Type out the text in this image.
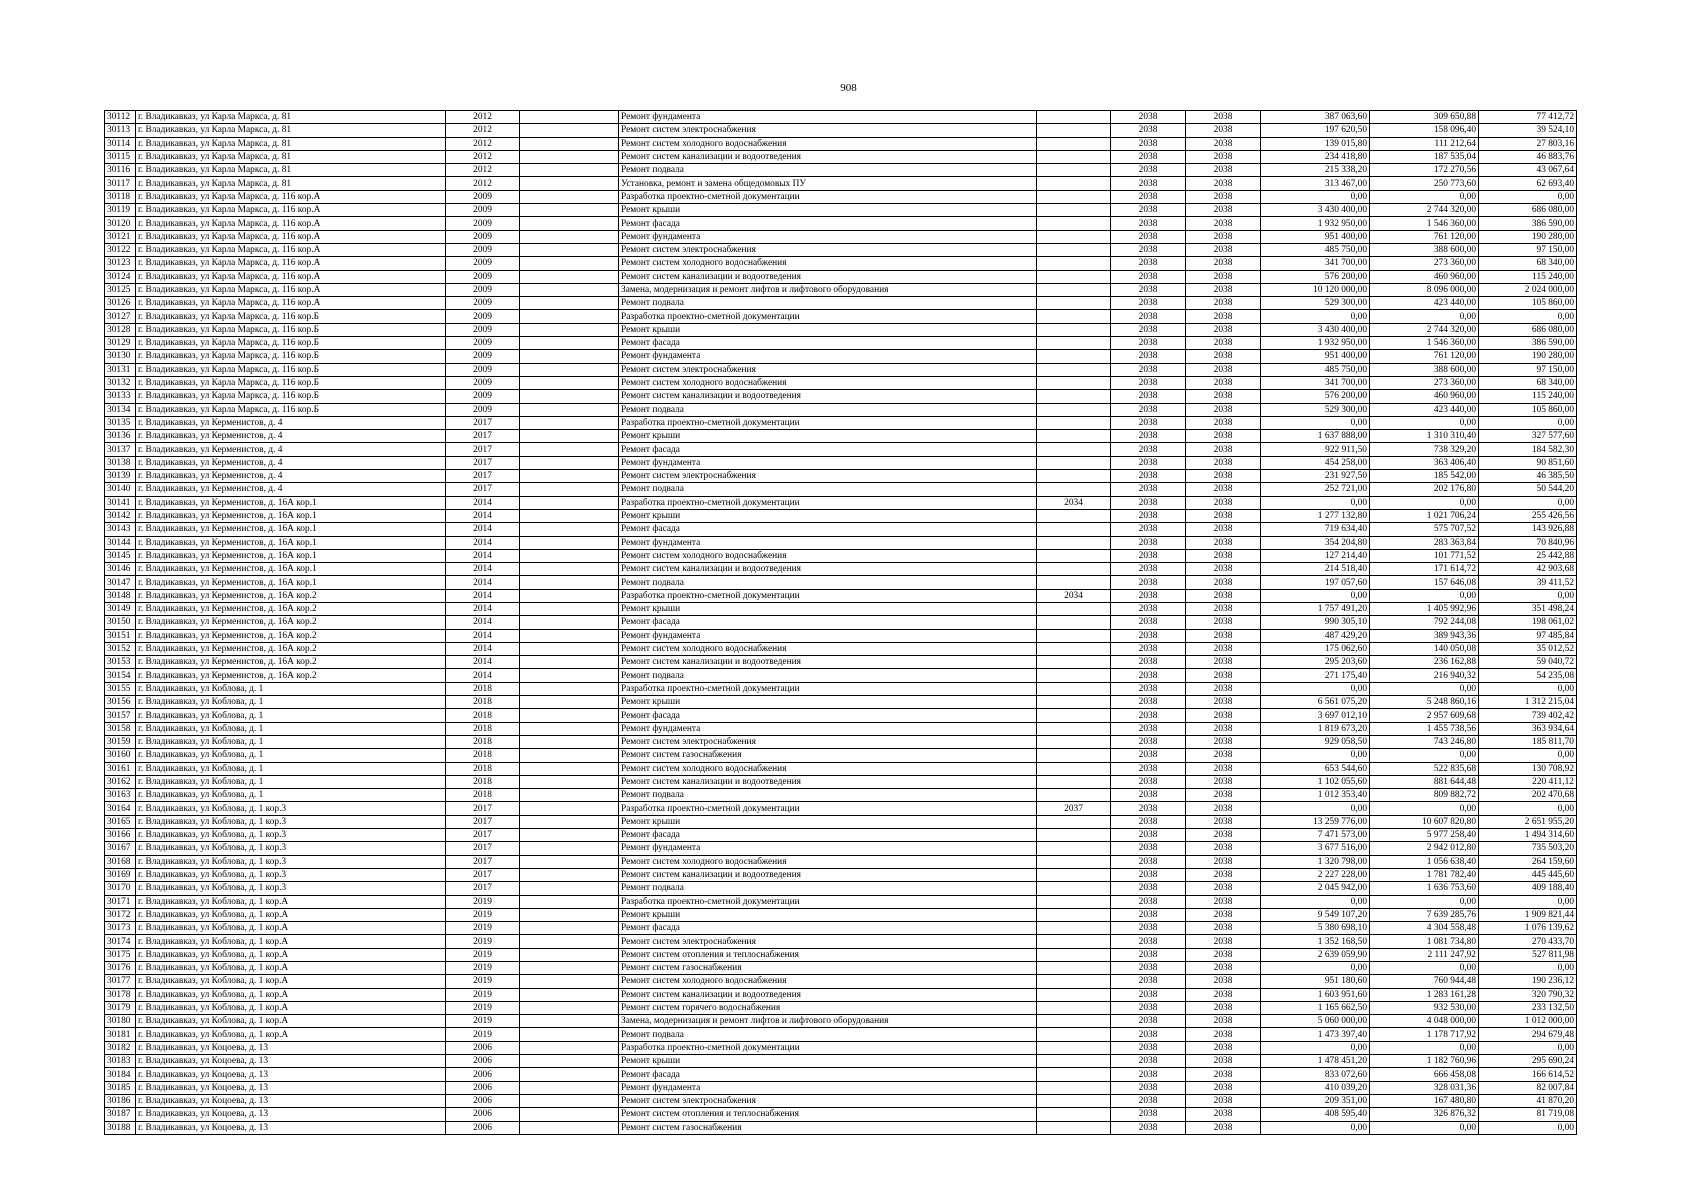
908
30112	г. Владикавказ, ул Карла Маркса, д. 81	2012		Ремонт фундамента		2038	2038	387 063,60	309 650,88	77 412,72
30113	г. Владикавказ, ул Карла Маркса, д. 81	2012		Ремонт систем электроснабжения		2038	2038	197 620,50	158 096,40	39 524,10
30114	г. Владикавказ, ул Карла Маркса, д. 81	2012		Ремонт систем холодного водоснабжения		2038	2038	139 015,80	111 212,64	27 803,16
30115	г. Владикавказ, ул Карла Маркса, д. 81	2012		Ремонт систем канализации и водоотведения		2038	2038	234 418,80	187 535,04	46 883,76
30116	г. Владикавказ, ул Карла Маркса, д. 81	2012		Ремонт подвала		2038	2038	215 338,20	172 270,56	43 067,64
30117	г. Владикавказ, ул Карла Маркса, д. 81	2012		Установка, ремонт и замена общедомовых ПУ		2038	2038	313 467,00	250 773,60	62 693,40
30118	г. Владикавказ, ул Карла Маркса, д. 116 кор.А	2009		Разработка проектно-сметной документации		2038	2038	0,00	0,00	0,00
30119	г. Владикавказ, ул Карла Маркса, д. 116 кор.А	2009		Ремонт крыши		2038	2038	3 430 400,00	2 744 320,00	686 080,00
30120	г. Владикавказ, ул Карла Маркса, д. 116 кор.А	2009		Ремонт фасада		2038	2038	1 932 950,00	1 546 360,00	386 590,00
30121	г. Владикавказ, ул Карла Маркса, д. 116 кор.А	2009		Ремонт фундамента		2038	2038	951 400,00	761 120,00	190 280,00
30122	г. Владикавказ, ул Карла Маркса, д. 116 кор.А	2009		Ремонт систем электроснабжения		2038	2038	485 750,00	388 600,00	97 150,00
30123	г. Владикавказ, ул Карла Маркса, д. 116 кор.А	2009		Ремонт систем холодного водоснабжения		2038	2038	341 700,00	273 360,00	68 340,00
30124	г. Владикавказ, ул Карла Маркса, д. 116 кор.А	2009		Ремонт систем канализации и водоотведения		2038	2038	576 200,00	460 960,00	115 240,00
30125	г. Владикавказ, ул Карла Маркса, д. 116 кор.А	2009		Замена, модернизация и ремонт лифтов и лифтового оборудования		2038	2038	10 120 000,00	8 096 000,00	2 024 000,00
30126	г. Владикавказ, ул Карла Маркса, д. 116 кор.А	2009		Ремонт подвала		2038	2038	529 300,00	423 440,00	105 860,00
30127	г. Владикавказ, ул Карла Маркса, д. 116 кор.Б	2009		Разработка проектно-сметной документации		2038	2038	0,00	0,00	0,00
30128	г. Владикавказ, ул Карла Маркса, д. 116 кор.Б	2009		Ремонт крыши		2038	2038	3 430 400,00	2 744 320,00	686 080,00
30129	г. Владикавказ, ул Карла Маркса, д. 116 кор.Б	2009		Ремонт фасада		2038	2038	1 932 950,00	1 546 360,00	386 590,00
30130	г. Владикавказ, ул Карла Маркса, д. 116 кор.Б	2009		Ремонт фундамента		2038	2038	951 400,00	761 120,00	190 280,00
30131	г. Владикавказ, ул Карла Маркса, д. 116 кор.Б	2009		Ремонт систем электроснабжения		2038	2038	485 750,00	388 600,00	97 150,00
30132	г. Владикавказ, ул Карла Маркса, д. 116 кор.Б	2009		Ремонт систем холодного водоснабжения		2038	2038	341 700,00	273 360,00	68 340,00
30133	г. Владикавказ, ул Карла Маркса, д. 116 кор.Б	2009		Ремонт систем канализации и водоотведения		2038	2038	576 200,00	460 960,00	115 240,00
30134	г. Владикавказ, ул Карла Маркса, д. 116 кор.Б	2009		Ремонт подвала		2038	2038	529 300,00	423 440,00	105 860,00
30135	г. Владикавказ, ул Керменистов, д. 4	2017		Разработка проектно-сметной документации		2038	2038	0,00	0,00	0,00
30136	г. Владикавказ, ул Керменистов, д. 4	2017		Ремонт крыши		2038	2038	1 637 888,00	1 310 310,40	327 577,60
30137	г. Владикавказ, ул Керменистов, д. 4	2017		Ремонт фасада		2038	2038	922 911,50	738 329,20	184 582,30
30138	г. Владикавказ, ул Керменистов, д. 4	2017		Ремонт фундамента		2038	2038	454 258,00	363 406,40	90 851,60
30139	г. Владикавказ, ул Керменистов, д. 4	2017		Ремонт систем электроснабжения		2038	2038	231 927,50	185 542,00	46 385,50
30140	г. Владикавказ, ул Керменистов, д. 4	2017		Ремонт подвала		2038	2038	252 721,00	202 176,80	50 544,20
30141	г. Владикавказ, ул Керменистов, д. 16А кор.1	2014		Разработка проектно-сметной документации	2034	2038	2038	0,00	0,00	0,00
30142	г. Владикавказ, ул Керменистов, д. 16А кор.1	2014		Ремонт крыши		2038	2038	1 277 132,80	1 021 706,24	255 426,56
30143	г. Владикавказ, ул Керменистов, д. 16А кор.1	2014		Ремонт фасада		2038	2038	719 634,40	575 707,52	143 926,88
30144	г. Владикавказ, ул Керменистов, д. 16А кор.1	2014		Ремонт фундамента		2038	2038	354 204,80	283 363,84	70 840,96
30145	г. Владикавказ, ул Керменистов, д. 16А кор.1	2014		Ремонт систем холодного водоснабжения		2038	2038	127 214,40	101 771,52	25 442,88
30146	г. Владикавказ, ул Керменистов, д. 16А кор.1	2014		Ремонт систем канализации и водоотведения		2038	2038	214 518,40	171 614,72	42 903,68
30147	г. Владикавказ, ул Керменистов, д. 16А кор.1	2014		Ремонт подвала		2038	2038	197 057,60	157 646,08	39 411,52
30148	г. Владикавказ, ул Керменистов, д. 16А кор.2	2014		Разработка проектно-сметной документации	2034	2038	2038	0,00	0,00	0,00
30149	г. Владикавказ, ул Керменистов, д. 16А кор.2	2014		Ремонт крыши		2038	2038	1 757 491,20	1 405 992,96	351 498,24
30150	г. Владикавказ, ул Керменистов, д. 16А кор.2	2014		Ремонт фасада		2038	2038	990 305,10	792 244,08	198 061,02
30151	г. Владикавказ, ул Керменистов, д. 16А кор.2	2014		Ремонт фундамента		2038	2038	487 429,20	389 943,36	97 485,84
30152	г. Владикавказ, ул Керменистов, д. 16А кор.2	2014		Ремонт систем холодного водоснабжения		2038	2038	175 062,60	140 050,08	35 012,52
30153	г. Владикавказ, ул Керменистов, д. 16А кор.2	2014		Ремонт систем канализации и водоотведения		2038	2038	295 203,60	236 162,88	59 040,72
30154	г. Владикавказ, ул Керменистов, д. 16А кор.2	2014		Ремонт подвала		2038	2038	271 175,40	216 940,32	54 235,08
30155	г. Владикавказ, ул Коблова, д. 1	2018		Разработка проектно-сметной документации		2038	2038	0,00	0,00	0,00
30156	г. Владикавказ, ул Коблова, д. 1	2018		Ремонт крыши		2038	2038	6 561 075,20	5 248 860,16	1 312 215,04
30157	г. Владикавказ, ул Коблова, д. 1	2018		Ремонт фасада		2038	2038	3 697 012,10	2 957 609,68	739 402,42
30158	г. Владикавказ, ул Коблова, д. 1	2018		Ремонт фундамента		2038	2038	1 819 673,20	1 455 738,56	363 934,64
30159	г. Владикавказ, ул Коблова, д. 1	2018		Ремонт систем электроснабжения		2038	2038	929 058,50	743 246,80	185 811,70
30160	г. Владикавказ, ул Коблова, д. 1	2018		Ремонт систем газоснабжения		2038	2038	0,00	0,00	0,00
30161	г. Владикавказ, ул Коблова, д. 1	2018		Ремонт систем холодного водоснабжения		2038	2038	653 544,60	522 835,68	130 708,92
30162	г. Владикавказ, ул Коблова, д. 1	2018		Ремонт систем канализации и водоотведения		2038	2038	1 102 055,60	881 644,48	220 411,12
30163	г. Владикавказ, ул Коблова, д. 1	2018		Ремонт подвала		2038	2038	1 012 353,40	809 882,72	202 470,68
30164	г. Владикавказ, ул Коблова, д. 1 кор.3	2017		Разработка проектно-сметной документации	2037	2038	2038	0,00	0,00	0,00
30165	г. Владикавказ, ул Коблова, д. 1 кор.3	2017		Ремонт крыши		2038	2038	13 259 776,00	10 607 820,80	2 651 955,20
30166	г. Владикавказ, ул Коблова, д. 1 кор.3	2017		Ремонт фасада		2038	2038	7 471 573,00	5 977 258,40	1 494 314,60
30167	г. Владикавказ, ул Коблова, д. 1 кор.3	2017		Ремонт фундамента		2038	2038	3 677 516,00	2 942 012,80	735 503,20
30168	г. Владикавказ, ул Коблова, д. 1 кор.3	2017		Ремонт систем холодного водоснабжения		2038	2038	1 320 798,00	1 056 638,40	264 159,60
30169	г. Владикавказ, ул Коблова, д. 1 кор.3	2017		Ремонт систем канализации и водоотведения		2038	2038	2 227 228,00	1 781 782,40	445 445,60
30170	г. Владикавказ, ул Коблова, д. 1 кор.3	2017		Ремонт подвала		2038	2038	2 045 942,00	1 636 753,60	409 188,40
30171	г. Владикавказ, ул Коблова, д. 1 кор.А	2019		Разработка проектно-сметной документации		2038	2038	0,00	0,00	0,00
30172	г. Владикавказ, ул Коблова, д. 1 кор.А	2019		Ремонт крыши		2038	2038	9 549 107,20	7 639 285,76	1 909 821,44
30173	г. Владикавказ, ул Коблова, д. 1 кор.А	2019		Ремонт фасада		2038	2038	5 380 698,10	4 304 558,48	1 076 139,62
30174	г. Владикавказ, ул Коблова, д. 1 кор.А	2019		Ремонт систем электроснабжения		2038	2038	1 352 168,50	1 081 734,80	270 433,70
30175	г. Владикавказ, ул Коблова, д. 1 кор.А	2019		Ремонт систем отопления и теплоснабжения		2038	2038	2 639 059,90	2 111 247,92	527 811,98
30176	г. Владикавказ, ул Коблова, д. 1 кор.А	2019		Ремонт систем газоснабжения		2038	2038	0,00	0,00	0,00
30177	г. Владикавказ, ул Коблова, д. 1 кор.А	2019		Ремонт систем холодного водоснабжения		2038	2038	951 180,60	760 944,48	190 236,12
30178	г. Владикавказ, ул Коблова, д. 1 кор.А	2019		Ремонт систем канализации и водоотведения		2038	2038	1 603 951,60	1 283 161,28	320 790,32
30179	г. Владикавказ, ул Коблова, д. 1 кор.А	2019		Ремонт систем горячего водоснабжения		2038	2038	1 165 662,50	932 530,00	233 132,50
30180	г. Владикавказ, ул Коблова, д. 1 кор.А	2019		Замена, модернизация и ремонт лифтов и лифтового оборудования		2038	2038	5 060 000,00	4 048 000,00	1 012 000,00
30181	г. Владикавказ, ул Коблова, д. 1 кор.А	2019		Ремонт подвала		2038	2038	1 473 397,40	1 178 717,92	294 679,48
30182	г. Владикавказ, ул Коцоева, д. 13	2006		Разработка проектно-сметной документации		2038	2038	0,00	0,00	0,00
30183	г. Владикавказ, ул Коцоева, д. 13	2006		Ремонт крыши		2038	2038	1 478 451,20	1 182 760,96	295 690,24
30184	г. Владикавказ, ул Коцоева, д. 13	2006		Ремонт фасада		2038	2038	833 072,60	666 458,08	166 614,52
30185	г. Владикавказ, ул Коцоева, д. 13	2006		Ремонт фундамента		2038	2038	410 039,20	328 031,36	82 007,84
30186	г. Владикавказ, ул Коцоева, д. 13	2006		Ремонт систем электроснабжения		2038	2038	209 351,00	167 480,80	41 870,20
30187	г. Владикавказ, ул Коцоева, д. 13	2006		Ремонт систем отопления и теплоснабжения		2038	2038	408 595,40	326 876,32	81 719,08
30188	г. Владикавказ, ул Коцоева, д. 13	2006		Ремонт систем газоснабжения		2038	2038	0,00	0,00	0,00
